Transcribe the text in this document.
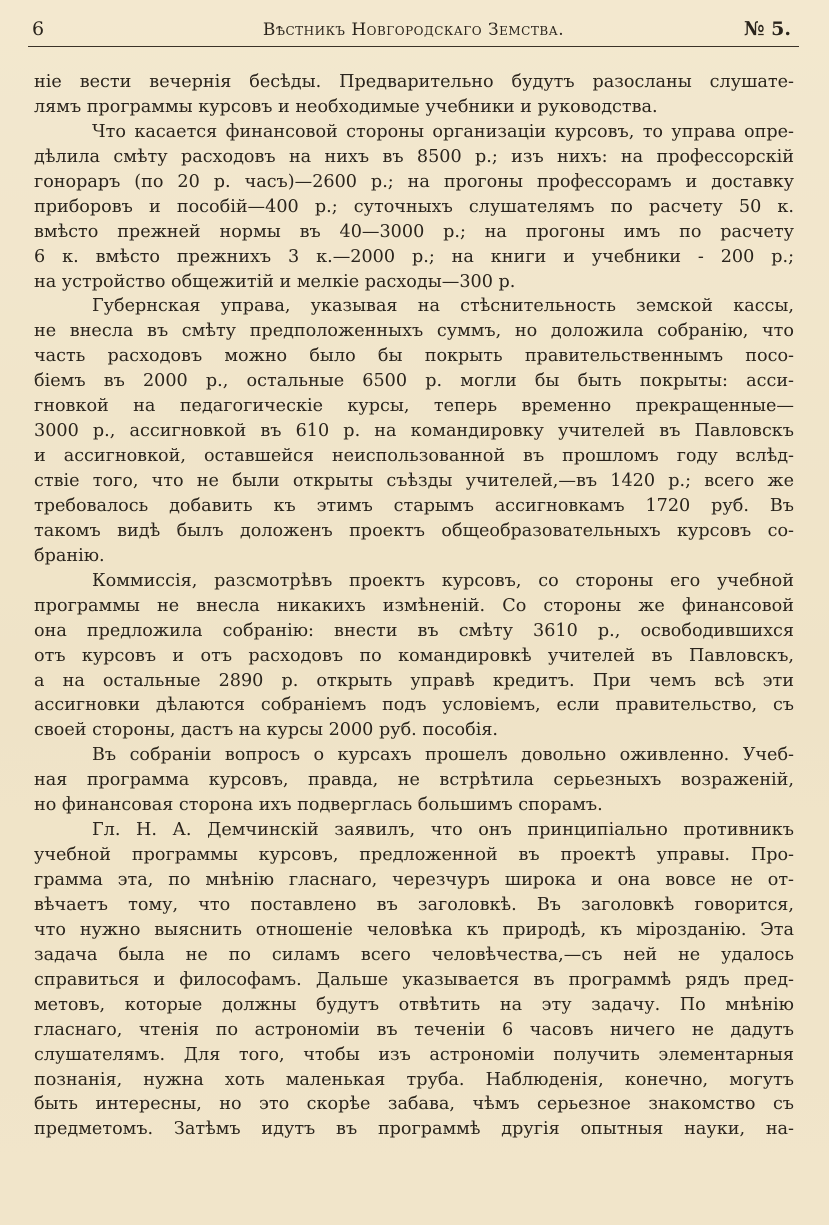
6	Вѣстникъ Новгородскаго Земства.	№ 5.
ніе вести вечернія бесѣды. Предварительно будутъ разосланы слушате-
лямъ программы курсовъ и необходимые учебники и руководства.
Что касается финансовой стороны организаціи курсовъ, то управа опре-
дѣлила смѣту расходовъ на нихъ въ 8500 р.; изъ нихъ: на профессорскій
гонораръ (по 20 р. часъ)—2600 р.; на прогоны профессорамъ и доставку
приборовъ и пособій—400 р.; суточныхъ слушателямъ по расчету 50 к.
вмѣсто прежней нормы въ 40—3000 р.; на прогоны имъ по расчету
6 к. вмѣсто прежнихъ 3 к.—2000 р.; на книги и учебники - 200 р.;
на устройство общежитій и мелкіе расходы—300 р.
Губернская управа, указывая на стѣснительность земской кассы,
не внесла въ смѣту предположенныхъ суммъ, но доложила собранію, что
часть расходовъ можно было бы покрыть правительственнымъ посо-
біемъ въ 2000 р., остальные 6500 р. могли бы быть покрыты: асси-
гновкой на педагогическіе курсы, теперь временно прекращенные—
3000 р., ассигновкой въ 610 р. на командировку учителей въ Павловскъ
и ассигновкой, оставшейся неиспользованной въ прошломъ году вслѣд-
ствіе того, что не были открыты съѣзды учителей,—въ 1420 р.; всего же
требовалось добавить къ этимъ старымъ ассигновкамъ 1720 руб. Въ
такомъ видѣ былъ доложенъ проектъ общеобразовательныхъ курсовъ со-
бранію.
Коммиссія, разсмотрѣвъ проектъ курсовъ, со стороны его учебной
программы не внесла никакихъ измѣненій. Со стороны же финансовой
она предложила собранію: внести въ смѣту 3610 р., освободившихся
отъ курсовъ и отъ расходовъ по командировкѣ учителей въ Павловскъ,
а на остальные 2890 р. открыть управѣ кредитъ. При чемъ всѣ эти
ассигновки дѣлаются собраніемъ подъ условіемъ, если правительство, съ
своей стороны, дастъ на курсы 2000 руб. пособія.
Въ собраніи вопросъ о курсахъ прошелъ довольно оживленно. Учеб-
ная программа курсовъ, правда, не встрѣтила серьезныхъ возраженій,
но финансовая сторона ихъ подверглась большимъ спорамъ.
Гл. Н. А. Демчинскій заявилъ, что онъ принципіально противникъ
учебной программы курсовъ, предложенной въ проектѣ управы. Про-
грамма эта, по мнѣнію гласнаго, черезчуръ широка и она вовсе не от-
вѣчаетъ тому, что поставлено въ заголовкѣ. Въ заголовкѣ говорится,
что нужно выяснить отношеніе человѣка къ природѣ, къ мірозданію. Эта
задача была не по силамъ всего человѣчества,—съ ней не удалось
справиться и философамъ. Дальше указывается въ программѣ рядъ пред-
метовъ, которые должны будутъ отвѣтить на эту задачу. По мнѣнію
гласнаго, чтенія по астрономіи въ теченіи 6 часовъ ничего не дадутъ
слушателямъ. Для того, чтобы изъ астрономіи получить элементарныя
познанія, нужна хоть маленькая труба. Наблюденія, конечно, могутъ
быть интересны, но это скорѣе забава, чѣмъ серьезное знакомство съ
предметомъ. Затѣмъ идутъ въ программѣ другія опытныя науки, на-
